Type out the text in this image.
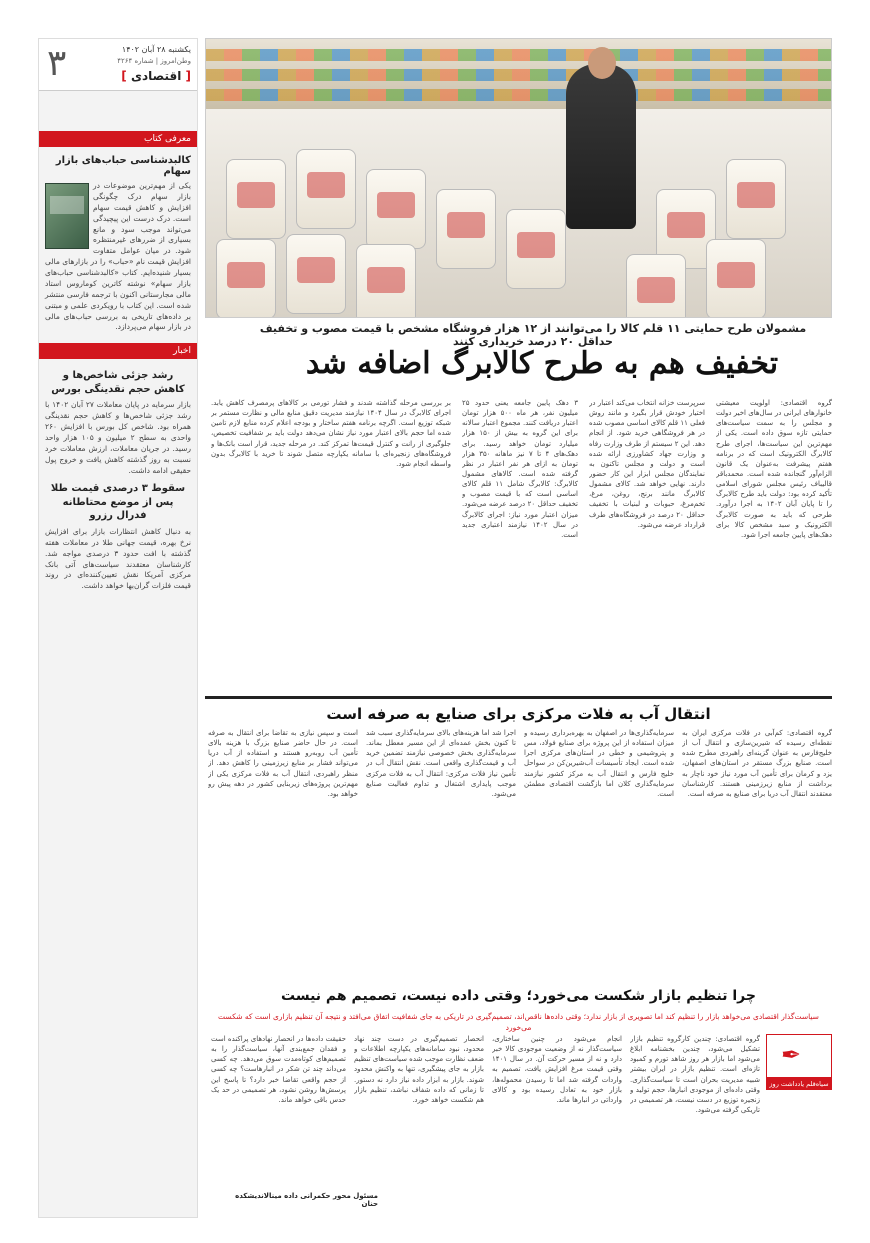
۳	یکشنبه ۲۸ آبان ۱۴۰۲
وطن‌امروز | شماره ۴۲۶۴
[ اقتصادی ]
معرفی کتاب
کالبدشناسی حباب‌های بازار سهام
یکی از مهم‌ترین موضوعات در بازار سهام درک چگونگی افزایش و کاهش قیمت سهام است. درک درست این پیچیدگی می‌تواند موجب سود و مانع بسیاری از ضررهای غیرمنتظره شود. در میان عوامل متفاوت افزایش قیمت نام «حباب» را در بازارهای مالی بسیار شنیده‌ایم. کتاب «کالبدشناسی حباب‌های بازار سهام» نوشته کاترین کوماروس استاد مالی مجارستانی اکنون با ترجمه فارسی منتشر شده است. این کتاب با رویکردی علمی و مبتنی بر داده‌های تاریخی به بررسی حباب‌های مالی در بازار سهام می‌پردازد.
اخبار
رشد جزئی شاخص‌ها و کاهش حجم نقدینگی بورس
بازار سرمایه در پایان معاملات ۲۷ آبان ۱۴۰۲ با رشد جزئی شاخص‌ها و کاهش حجم نقدینگی همراه بود. شاخص کل بورس با افزایش ۲۶۰ واحدی به سطح ۲ میلیون و ۱۰۵ هزار واحد رسید. در جریان معاملات، ارزش معاملات خرد نسبت به روز گذشته کاهش یافت و خروج پول حقیقی ادامه داشت.
سقوط ۳ درصدی قیمت طلا پس از موضع محتاطانه فدرال رزرو
به دنبال کاهش انتظارات بازار برای افزایش نرخ بهره، قیمت جهانی طلا در معاملات هفته گذشته با افت حدود ۳ درصدی مواجه شد. کارشناسان معتقدند سیاست‌های آتی بانک مرکزی آمریکا نقش تعیین‌کننده‌ای در روند قیمت فلزات گران‌بها خواهد داشت.
مشمولان طرح حمایتی ۱۱ قلم کالا را می‌توانند از ۱۲ هزار فروشگاه مشخص با قیمت مصوب و تخفیف حداقل ۲۰ درصد خریداری کنند
تخفیف هم به طرح کالابرگ اضافه شد
گروه اقتصادی: اولویت معیشتی خانوارهای ایرانی در سال‌های اخیر دولت و مجلس را به سمت سیاست‌های حمایتی تازه سوق داده است. یکی از مهم‌ترین این سیاست‌ها، اجرای طرح کالابرگ الکترونیک است که در برنامه هفتم پیشرفت به‌عنوان یک قانون الزام‌آور گنجانده شده است. محمدباقر قالیباف رئیس مجلس شورای اسلامی تأکید کرده بود: دولت باید طرح کالابرگ را تا پایان آبان ۱۴۰۲ به اجرا درآورد. طرحی که باید به صورت کالابرگ الکترونیک و سبد مشخص کالا برای دهک‌های پایین جامعه اجرا شود.
سرپرست خزانه انتخاب می‌کند اعتبار در اختیار خودش قرار بگیرد و مانند روش فعلی ۱۱ قلم کالای اساسی مصوب شده در هر فروشگاهی خرید شود. از انجام دهد. این ۲ سیستم از طرف وزارت رفاه و وزارت جهاد کشاورزی ارائه شده است و دولت و مجلس تاکنون به نمایندگان مجلس ابزار این کار حضور دارند. نهایی خواهد شد. کالای مشمول کالابرگ مانند برنج، روغن، مرغ، تخم‌مرغ، حبوبات و لبنیات با تخفیف حداقل ۲۰ درصد در فروشگاه‌های طرف قرارداد عرضه می‌شود.
۳ دهک پایین جامعه یعنی حدود ۲۵ میلیون نفر، هر ماه ۵۰۰ هزار تومان اعتبار دریافت کنند. مجموع اعتبار سالانه برای این گروه به بیش از ۱۵۰ هزار میلیارد تومان خواهد رسید. برای دهک‌های ۴ تا ۷ نیز ماهانه ۳۵۰ هزار تومان به ازای هر نفر اعتبار در نظر گرفته شده است. کالاهای مشمول کالابرگ: کالابرگ شامل ۱۱ قلم کالای اساسی است که با قیمت مصوب و تخفیف حداقل ۲۰ درصد عرضه می‌شود. میزان اعتبار مورد نیاز: اجرای کالابرگ در سال ۱۴۰۲ نیازمند اعتباری جدید است.
بر بررسی مرحله گذاشته شدند و فشار تورمی بر کالاهای پرمصرف کاهش یابد. اجرای کالابرگ در سال ۱۴۰۴ نیازمند مدیریت دقیق منابع مالی و نظارت مستمر بر شبکه توزیع است. اگرچه برنامه هفتم ساختار و بودجه اعلام کرده منابع لازم تامین شده اما حجم بالای اعتبار مورد نیاز نشان می‌دهد دولت باید بر شفافیت تخصیص، جلوگیری از رانت و کنترل قیمت‌ها تمرکز کند. در مرحله جدید، قرار است بانک‌ها و فروشگاه‌های زنجیره‌ای با سامانه یکپارچه متصل شوند تا خرید با کالابرگ بدون واسطه انجام شود.
انتقال آب به فلات مرکزی برای صنایع به صرفه است
گروه اقتصادی: کم‌آبی در فلات مرکزی ایران به نقطه‌ای رسیده که شیرین‌سازی و انتقال آب از خلیج‌فارس به عنوان گزینه‌ای راهبردی مطرح شده است. صنایع بزرگ مستقر در استان‌های اصفهان، یزد و کرمان برای تأمین آب مورد نیاز خود ناچار به برداشت از منابع زیرزمینی هستند. کارشناسان معتقدند انتقال آب دریا برای صنایع به صرفه است.
سرمایه‌گذاری‌ها در اصفهان به بهره‌برداری رسیده و میزان استفاده از این پروژه برای صنایع فولاد، مس و پتروشیمی و خطی در استان‌های مرکزی اجرا شده است. ایجاد تأسیسات آب‌شیرین‌کن در سواحل خلیج فارس و انتقال آب به مرکز کشور نیازمند سرمایه‌گذاری کلان اما بازگشت اقتصادی مطمئن است.
اجرا شد اما هزینه‌های بالای سرمایه‌گذاری سبب شد تا کنون بخش عمده‌ای از این مسیر معطل بماند. سرمایه‌گذاری بخش خصوصی نیازمند تضمین خرید آب و قیمت‌گذاری واقعی است. نقش انتقال آب در تأمین نیاز فلات مرکزی: انتقال آب به فلات مرکزی موجب پایداری اشتغال و تداوم فعالیت صنایع می‌شود.
است و سپس نیازی به تقاضا برای انتقال به صرفه است. در حال حاضر صنایع بزرگ با هزینه بالای تأمین آب روبه‌رو هستند و استفاده از آب دریا می‌تواند فشار بر منابع زیرزمینی را کاهش دهد. از منظر راهبردی، انتقال آب به فلات مرکزی یکی از مهم‌ترین پروژه‌های زیربنایی کشور در دهه پیش رو خواهد بود.
چرا تنظیم بازار شکست می‌خورد؛ وقتی داده نیست، تصمیم هم نیست
سیاست‌گذار اقتصادی می‌خواهد بازار را تنظیم کند اما تصویری از بازار ندارد؛ وقتی داده‌ها ناقص‌اند، تصمیم‌گیری در تاریکی به جای شفافیت اتفاق می‌افتد و نتیجه آن تنظیم بازاری است که شکست می‌خورد
✒
سیاه‌قلم یادداشت روز
گروه اقتصادی: چندین کارگروه تنظیم بازار تشکیل می‌شود، چندین بخشنامه ابلاغ می‌شود اما بازار هر روز شاهد تورم و کمبود تازه‌ای است. تنظیم بازار در ایران بیشتر شبیه مدیریت بحران است تا سیاست‌گذاری. وقتی داده‌ای از موجودی انبارها، حجم تولید و زنجیره توزیع در دست نیست، هر تصمیمی در تاریکی گرفته می‌شود.
انجام می‌شود در چنین ساختاری، سیاست‌گذار نه از وضعیت موجودی کالا خبر دارد و نه از مسیر حرکت آن. در سال ۱۴۰۱ وقتی قیمت مرغ افزایش یافت، تصمیم به واردات گرفته شد اما تا رسیدن محموله‌ها، بازار خود به تعادل رسیده بود و کالای وارداتی در انبارها ماند.
انحصار تصمیم‌گیری در دست چند نهاد محدود، نبود سامانه‌های یکپارچه اطلاعات و ضعف نظارت موجب شده سیاست‌های تنظیم بازار به جای پیشگیری، تنها به واکنش محدود شوند. بازار به ابزار داده نیاز دارد نه دستور. تا زمانی که داده شفاف نباشد، تنظیم بازار هم شکست خواهد خورد.
حقیقت داده‌ها در انحصار نهادهای پراکنده است و فقدان جمع‌بندی آنها، سیاست‌گذار را به تصمیم‌های کوتاه‌مدت سوق می‌دهد. چه کسی می‌داند چند تن شکر در انبارهاست؟ چه کسی از حجم واقعی تقاضا خبر دارد؟ تا پاسخ این پرسش‌ها روشن نشود، هر تصمیمی در حد یک حدس باقی خواهد ماند.
مسئول محور حکمرانی داده مینالاندیشکده حنان
